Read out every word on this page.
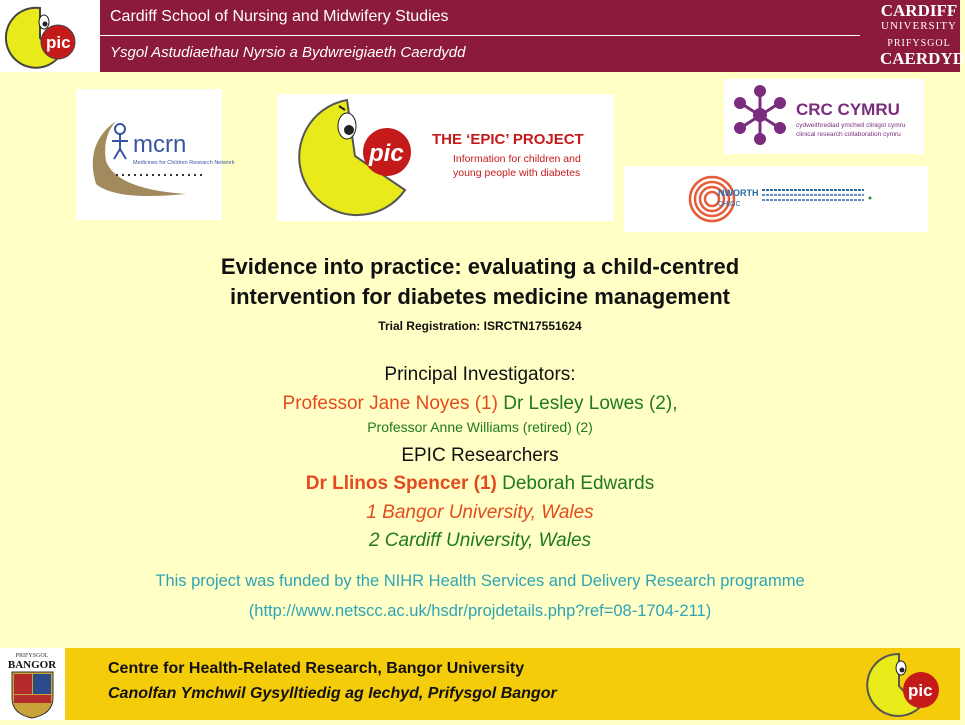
pic
Cardiff School of Nursing and Midwifery Studies
Ysgol Astudiaethau Nyrsio a Bydwreigiaeth Caerdydd
CARDIFF
UNIVERSITY
PRIFYSGOL
CAERDYD
mcrn
Medicines for Children Research Network	pic
THE ‘EPIC’ PROJECT
Information for children and
young people with diabetes
CRC CYMRU
cydweithrediad ymchwil clinigol cymru
clinical research collaboration cymru
NWORTH
CHtGC
Evidence into practice: evaluating a child-centred
intervention for diabetes medicine management
Trial Registration: ISRCTN17551624
Principal Investigators:
Professor Jane Noyes (1) Dr Lesley Lowes (2),
Professor Anne Williams (retired) (2)
EPIC Researchers
Dr Llinos Spencer (1) Deborah Edwards
1 Bangor University, Wales
2 Cardiff University, Wales
This project was funded by the NIHR Health Services and Delivery Research programme
(http://www.netscc.ac.uk/hsdr/projdetails.php?ref=08-1704-211)
PRIFYSGOL
BANGOR	Centre for Health-Related Research, Bangor University
Canolfan Ymchwil Gysylltiedig ag Iechyd, Prifysgol Bangor	pic
